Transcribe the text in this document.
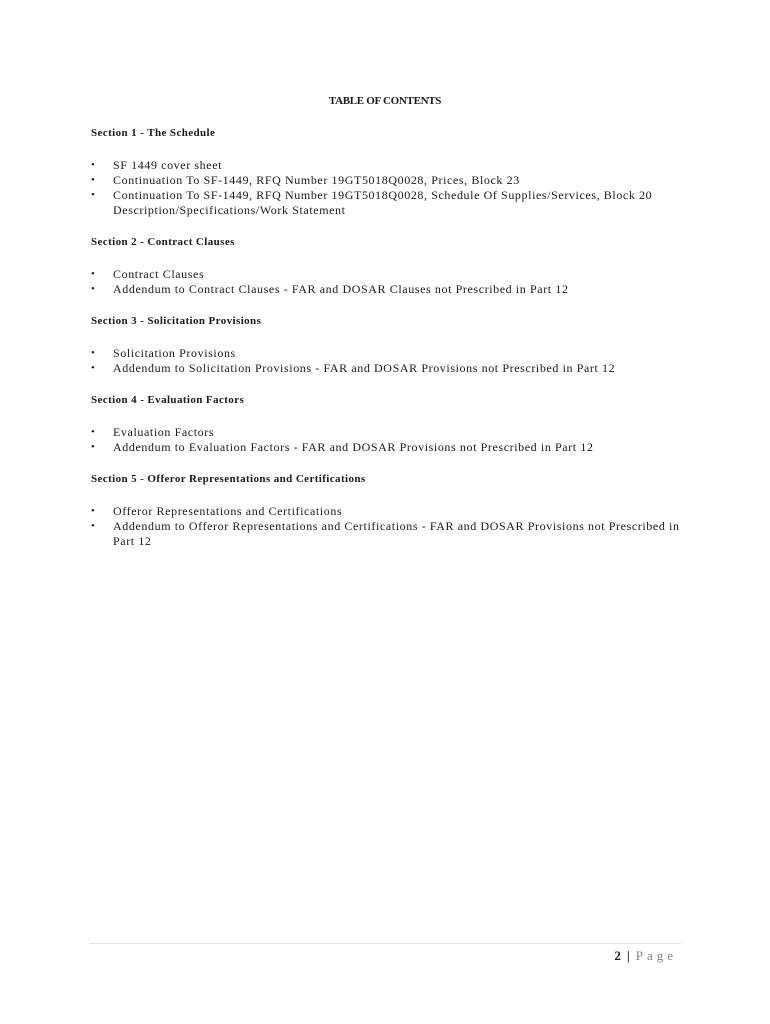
TABLE OF CONTENTS
Section 1 - The Schedule
•	SF 1449 cover sheet
•	Continuation To SF-1449, RFQ Number 19GT5018Q0028, Prices, Block 23
•	Continuation To SF-1449, RFQ Number 19GT5018Q0028, Schedule Of Supplies/Services, Block 20 Description/Specifications/Work Statement
Section 2 - Contract Clauses
•	Contract Clauses
•	Addendum to Contract Clauses - FAR and DOSAR Clauses not Prescribed in Part 12
Section 3 - Solicitation Provisions
•	Solicitation Provisions
•	Addendum to Solicitation Provisions - FAR and DOSAR Provisions not Prescribed in Part 12
Section 4 - Evaluation Factors
•	Evaluation Factors
•	Addendum to Evaluation Factors - FAR and DOSAR Provisions not Prescribed in Part 12
Section 5 - Offeror Representations and Certifications
•	Offeror Representations and Certifications
•	Addendum to Offeror Representations and Certifications - FAR and DOSAR Provisions not Prescribed in Part 12
2 | Page
